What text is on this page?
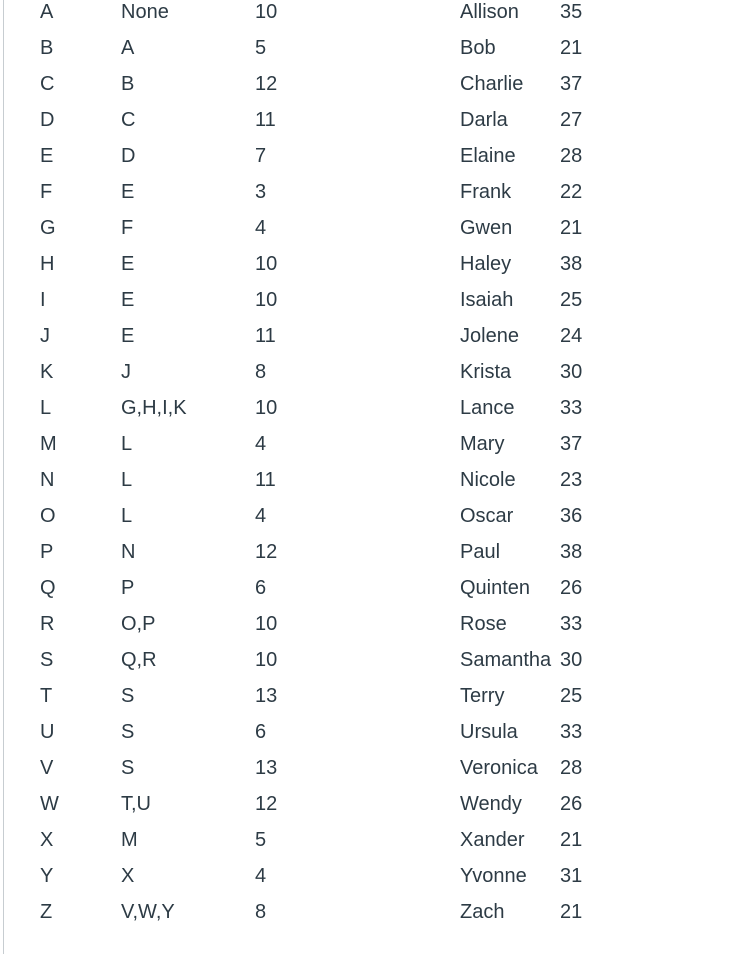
A	None	10	Allison	35
B	A	5	Bob	21
C	B	12	Charlie	37
D	C	11	Darla	27
E	D	7	Elaine	28
F	E	3	Frank	22
G	F	4	Gwen	21
H	E	10	Haley	38
I	E	10	Isaiah	25
J	E	11	Jolene	24
K	J	8	Krista	30
L	G,H,I,K	10	Lance	33
M	L	4	Mary	37
N	L	11	Nicole	23
O	L	4	Oscar	36
P	N	12	Paul	38
Q	P	6	Quinten	26
R	O,P	10	Rose	33
S	Q,R	10	Samantha	30
T	S	13	Terry	25
U	S	6	Ursula	33
V	S	13	Veronica	28
W	T,U	12	Wendy	26
X	M	5	Xander	21
Y	X	4	Yvonne	31
Z	V,W,Y	8	Zach	21
